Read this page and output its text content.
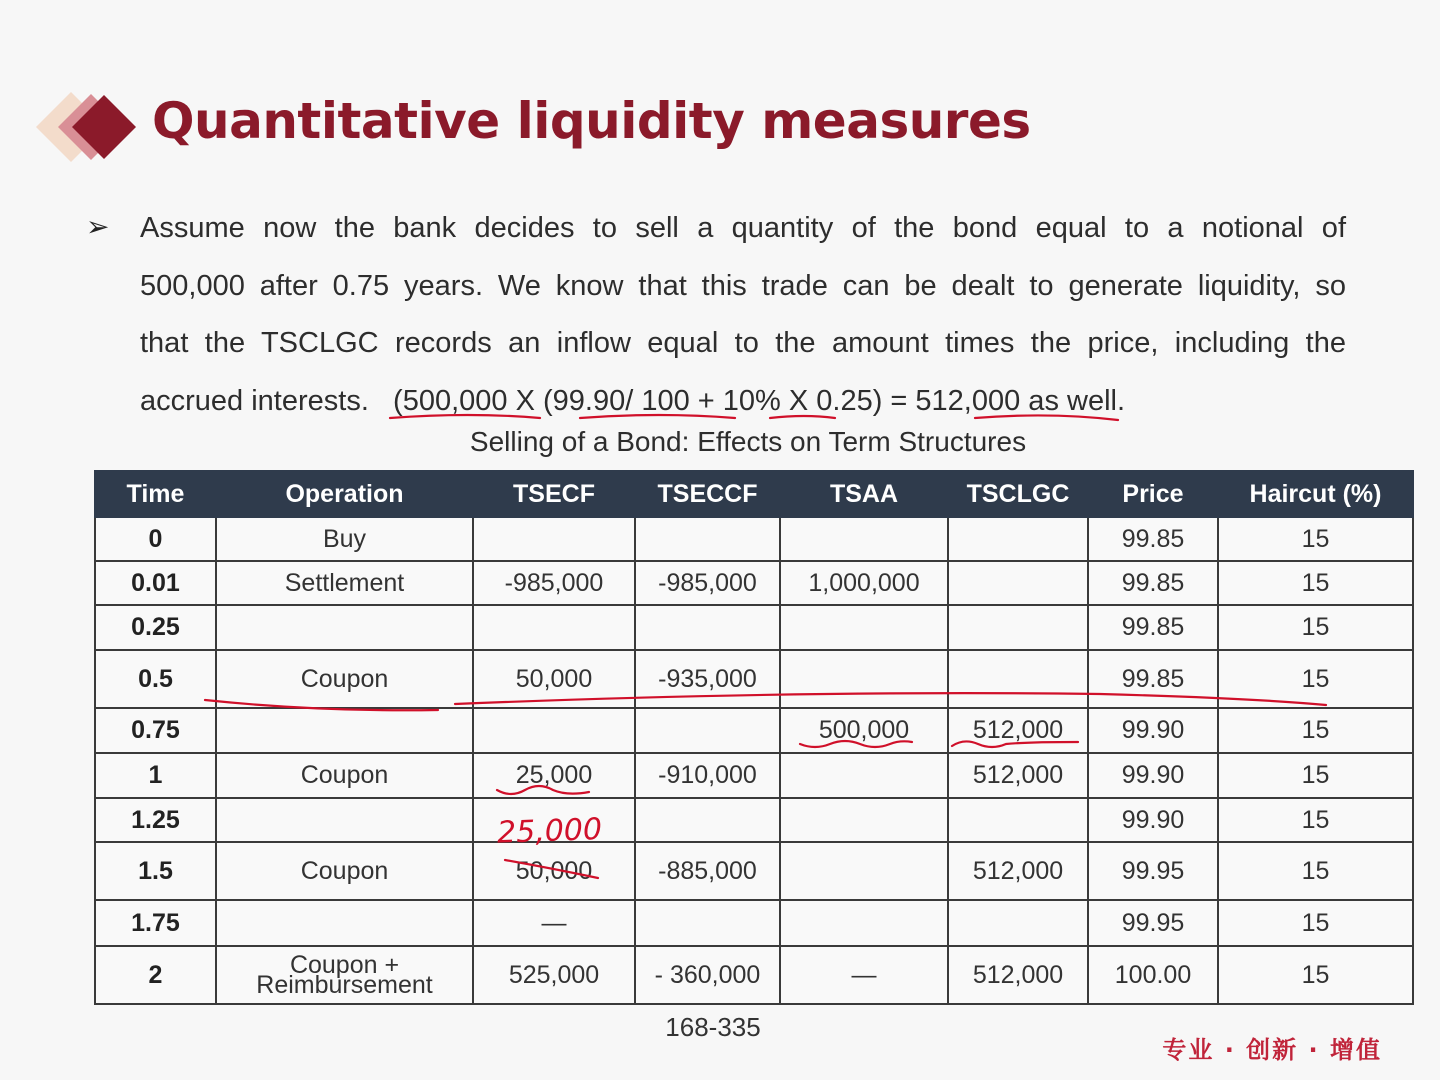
Quantitative liquidity measures
➢ Assume now the bank decides to sell a quantity of the bond equal to a notional of
500,000 after 0.75 years. We know that this trade can be dealt to generate liquidity, so
that the TSCLGC records an inflow equal to the amount times the price, including the
accrued interests.   (500,000 X (99.90/ 100 + 10% X 0.25) = 512,000 as well.

Selling of a Bond: Effects on Term Structures
Time	Operation	TSECF	TSECCF	TSAA	TSCLGC	Price	Haircut (%)
0	Buy					99.85	15
0.01	Settlement	-985,000	-985,000	1,000,000		99.85	15
0.25						99.85	15
0.5	Coupon	50,000	-935,000			99.85	15
0.75				500,000	512,000	99.90	15
1	Coupon	25,000	-910,000		512,000	99.90	15
1.25						99.90	15
1.5	Coupon	50,000	-885,000		512,000	99.95	15
1.75		—				99.95	15
2	Coupon + Reimbursement	525,000	- 360,000	—	512,000	100.00	15
25,000
168-335
专业 · 创新 · 增值
